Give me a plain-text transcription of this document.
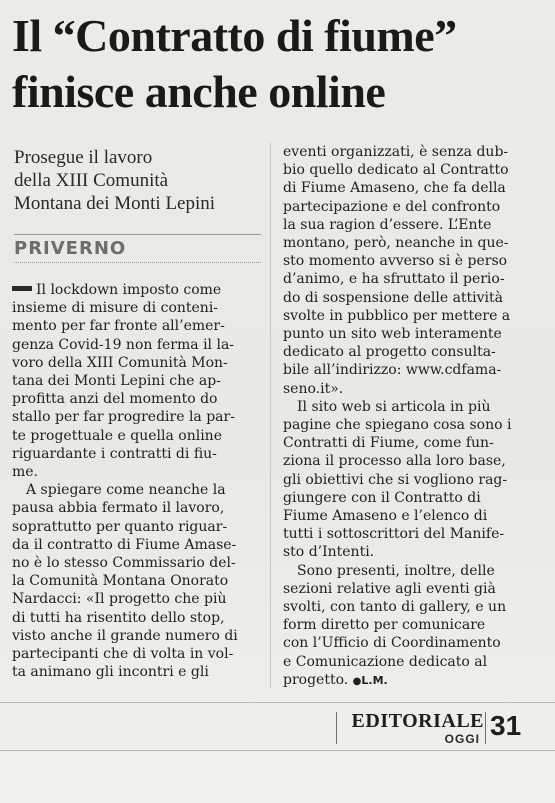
Il “Contratto di fiume”
finisce anche online
Prosegue il lavoro
della XIII Comunità
Montana dei Monti Lepini
PRIVERNO
Il lockdown imposto come
insieme di misure di conteni-
mento per far fronte all’emer-
genza Covid-19 non ferma il la-
voro della XIII Comunità Mon-
tana dei Monti Lepini che ap-
profitta anzi del momento do
stallo per far progredire la par-
te progettuale e quella online
riguardante i contratti di fiu-
me.
A spiegare come neanche la
pausa abbia fermato il lavoro,
soprattutto per quanto riguar-
da il contratto di Fiume Amase-
no è lo stesso Commissario del-
la Comunità Montana Onorato
Nardacci: «Il progetto che più
di tutti ha risentito dello stop,
visto anche il grande numero di
partecipanti che di volta in vol-
ta animano gli incontri e gli
eventi organizzati, è senza dub-
bio quello dedicato al Contratto
di Fiume Amaseno, che fa della
partecipazione e del confronto
la sua ragion d’essere. L’Ente
montano, però, neanche in que-
sto momento avverso si è perso
d’animo, e ha sfruttato il perio-
do di sospensione delle attività
svolte in pubblico per mettere a
punto un sito web interamente
dedicato al progetto consulta-
bile all’indirizzo: www.cdfama-
seno.it».
Il sito web si articola in più
pagine che spiegano cosa sono i
Contratti di Fiume, come fun-
ziona il processo alla loro base,
gli obiettivi che si vogliono rag-
giungere con il Contratto di
Fiume Amaseno e l’elenco di
tutti i sottoscrittori del Manife-
sto d’Intenti.
Sono presenti, inoltre, delle
sezioni relative agli eventi già
svolti, con tanto di gallery, e un
form diretto per comunicare
con l’Ufficio di Coordinamento
e Comunicazione dedicato al
progetto. ●L.M.
EDITORIALE
OGGI 31
